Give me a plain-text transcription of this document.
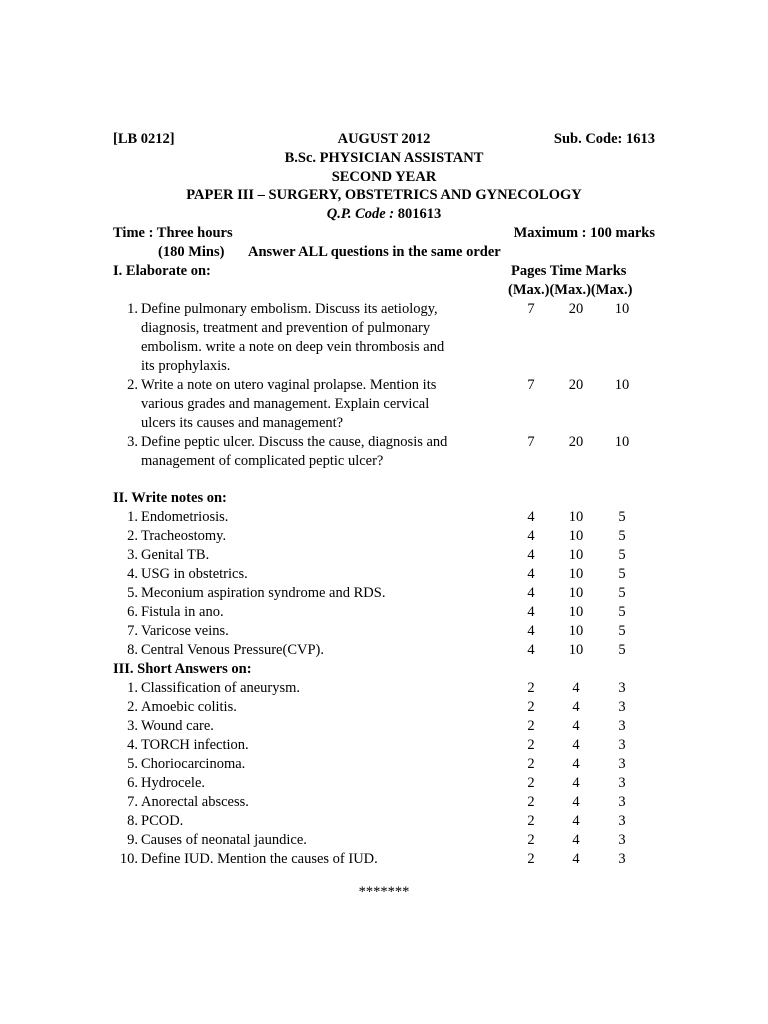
[LB 0212]	AUGUST 2012	Sub. Code: 1613
B.Sc. PHYSICIAN ASSISTANT
SECOND YEAR
PAPER III – SURGERY, OBSTETRICS AND GYNECOLOGY
Q.P. Code : 801613
Time : Three hours	Maximum : 100 marks
(180 Mins) Answer ALL questions in the same order
I. Elaborate on:	Pages Time Marks
(Max.)(Max.)(Max.)
1. Define pulmonary embolism. Discuss its aetiology,	7	20	10
diagnosis, treatment and prevention of pulmonary
embolism. write a note on deep vein thrombosis and
its prophylaxis.
2. Write a note on utero vaginal prolapse. Mention its	7	20	10
various grades and management. Explain cervical
ulcers its causes and management?
3. Define peptic ulcer. Discuss the cause, diagnosis and	7	20	10
management of complicated peptic ulcer?
II. Write notes on:
1. Endometriosis.	4	10	5
2. Tracheostomy.	4	10	5
3. Genital TB.	4	10	5
4. USG in obstetrics.	4	10	5
5. Meconium aspiration syndrome and RDS.	4	10	5
6. Fistula in ano.	4	10	5
7. Varicose veins.	4	10	5
8. Central Venous Pressure(CVP).	4	10	5
III. Short Answers on:
1. Classification of aneurysm.	2	4	3
2. Amoebic colitis.	2	4	3
3. Wound care.	2	4	3
4. TORCH infection.	2	4	3
5. Choriocarcinoma.	2	4	3
6. Hydrocele.	2	4	3
7. Anorectal abscess.	2	4	3
8. PCOD.	2	4	3
9. Causes of neonatal jaundice.	2	4	3
10. Define IUD. Mention the causes of IUD.	2	4	3
*******
